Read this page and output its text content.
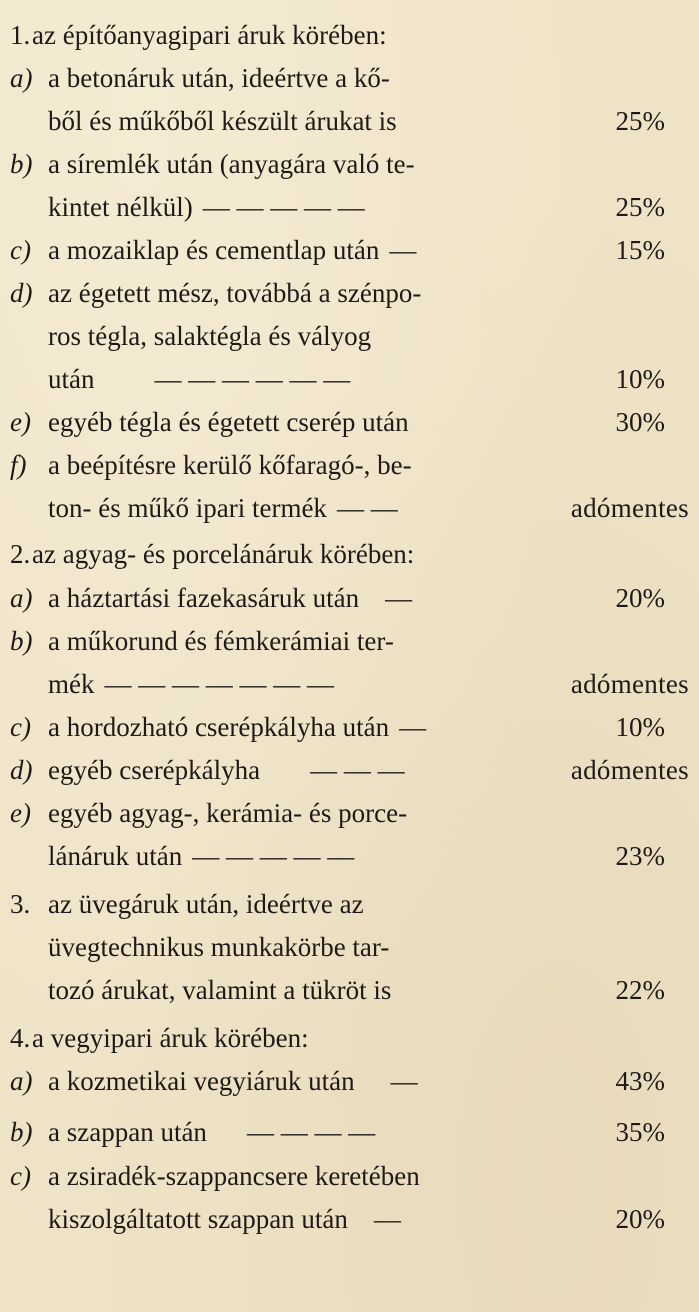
1. az építőanyagipari áruk körében:
a) a betonáruk után, ideértve a kő-
ből és műkőből készült árukat is	25%
b) a síremlék után (anyagára való te-
kintet nélkül) — — — — —	25%
c) a mozaiklap és cementlap után —	15%
d) az égetett mész, továbbá a szénpo-
ros tégla, salaktégla és vályog
után — — — — — —	10%
e) egyéb tégla és égetett cserép után	30%
f) a beépítésre kerülő kőfaragó-, be-
ton- és műkő ipari termék — —	adómentes
2. az agyag- és porcelánáruk körében:
a) a háztartási fazekasáruk után —	20%
b) a műkorund és fémkerámiai ter-
mék — — — — — — —	adómentes
c) a hordozható cserépkályha után —	10%
d) egyéb cserépkályha — — —	adómentes
e) egyéb agyag-, kerámia- és porce-
lánáruk után — — — — —	23%
3. az üvegáruk után, ideértve az
üvegtechnikus munkakörbe tar-
tozó árukat, valamint a tükröt is	22%
4. a vegyipari áruk körében:
a) a kozmetikai vegyiáruk után —	43%
b) a szappan után — — — —	35%
c) a zsiradék-szappancsere keretében
kiszolgáltatott szappan után —	20%
